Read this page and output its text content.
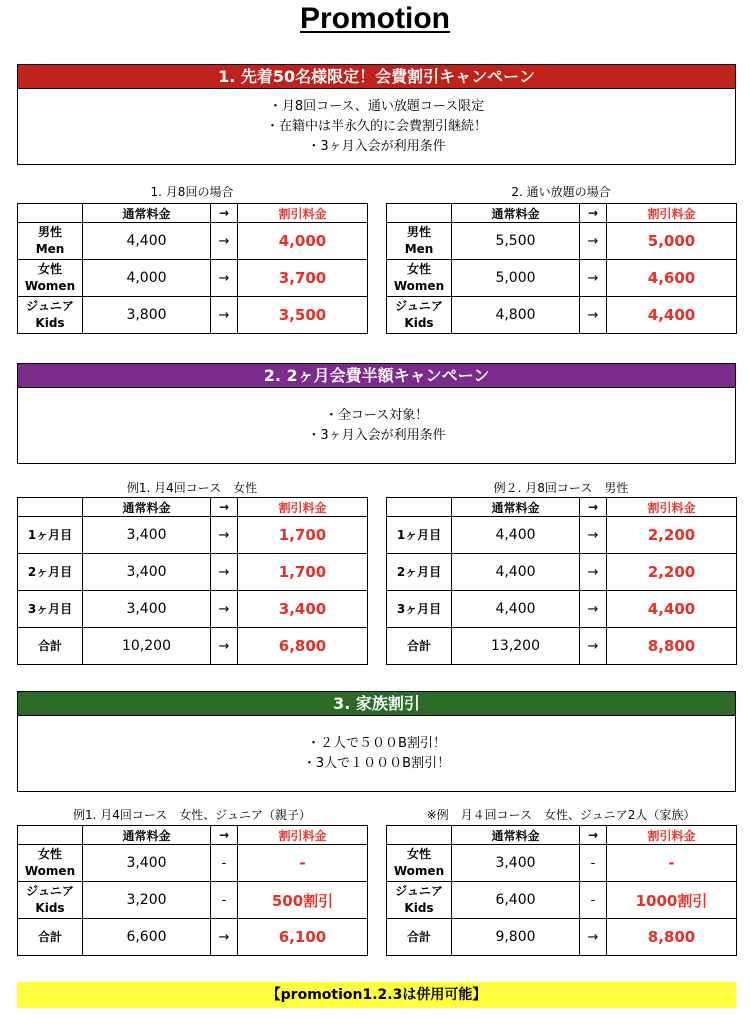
Promotion
1. 先着50名様限定！会費割引キャンペーン
・月8回コース、通い放題コース限定
・在籍中は半永久的に会費割引継続！
・3ヶ月入会が利用条件
1. 月8回の場合	2. 通い放題の場合
	通常料金	→	割引料金

男性
Men	4,400	→	4,000

女性
Women	4,000	→	3,700

ジュニア
Kids	3,800	→	3,500
	通常料金	→	割引料金

男性
Men	5,500	→	5,000

女性
Women	5,000	→	4,600

ジュニア
Kids	4,800	→	4,400
2. 2ヶ月会費半額キャンペーン
・全コース対象！
・3ヶ月入会が利用条件
例1. 月4回コース　女性	例２. 月8回コース　男性
	通常料金	→	割引料金
1ヶ月目	3,400	→	1,700
2ヶ月目	3,400	→	1,700
3ヶ月目	3,400	→	3,400
合計	10,200	→	6,800
	通常料金	→	割引料金
1ヶ月目	4,400	→	2,200
2ヶ月目	4,400	→	2,200
3ヶ月目	4,400	→	4,400
合計	13,200	→	8,800
3. 家族割引
・２人で５００B割引！
・3人で１０００B割引！
例1. 月4回コース　女性、ジュニア（親子）	※例　月４回コース　女性、ジュニア2人（家族）
	通常料金	→	割引料金

女性
Women	3,400	-	-

ジュニア
Kids	3,200	-	500割引
合計	6,600	→	6,100
	通常料金	→	割引料金

女性
Women	3,400	-	-

ジュニア
Kids	6,400	-	1000割引
合計	9,800	→	8,800
【promotion1.2.3は併用可能】
